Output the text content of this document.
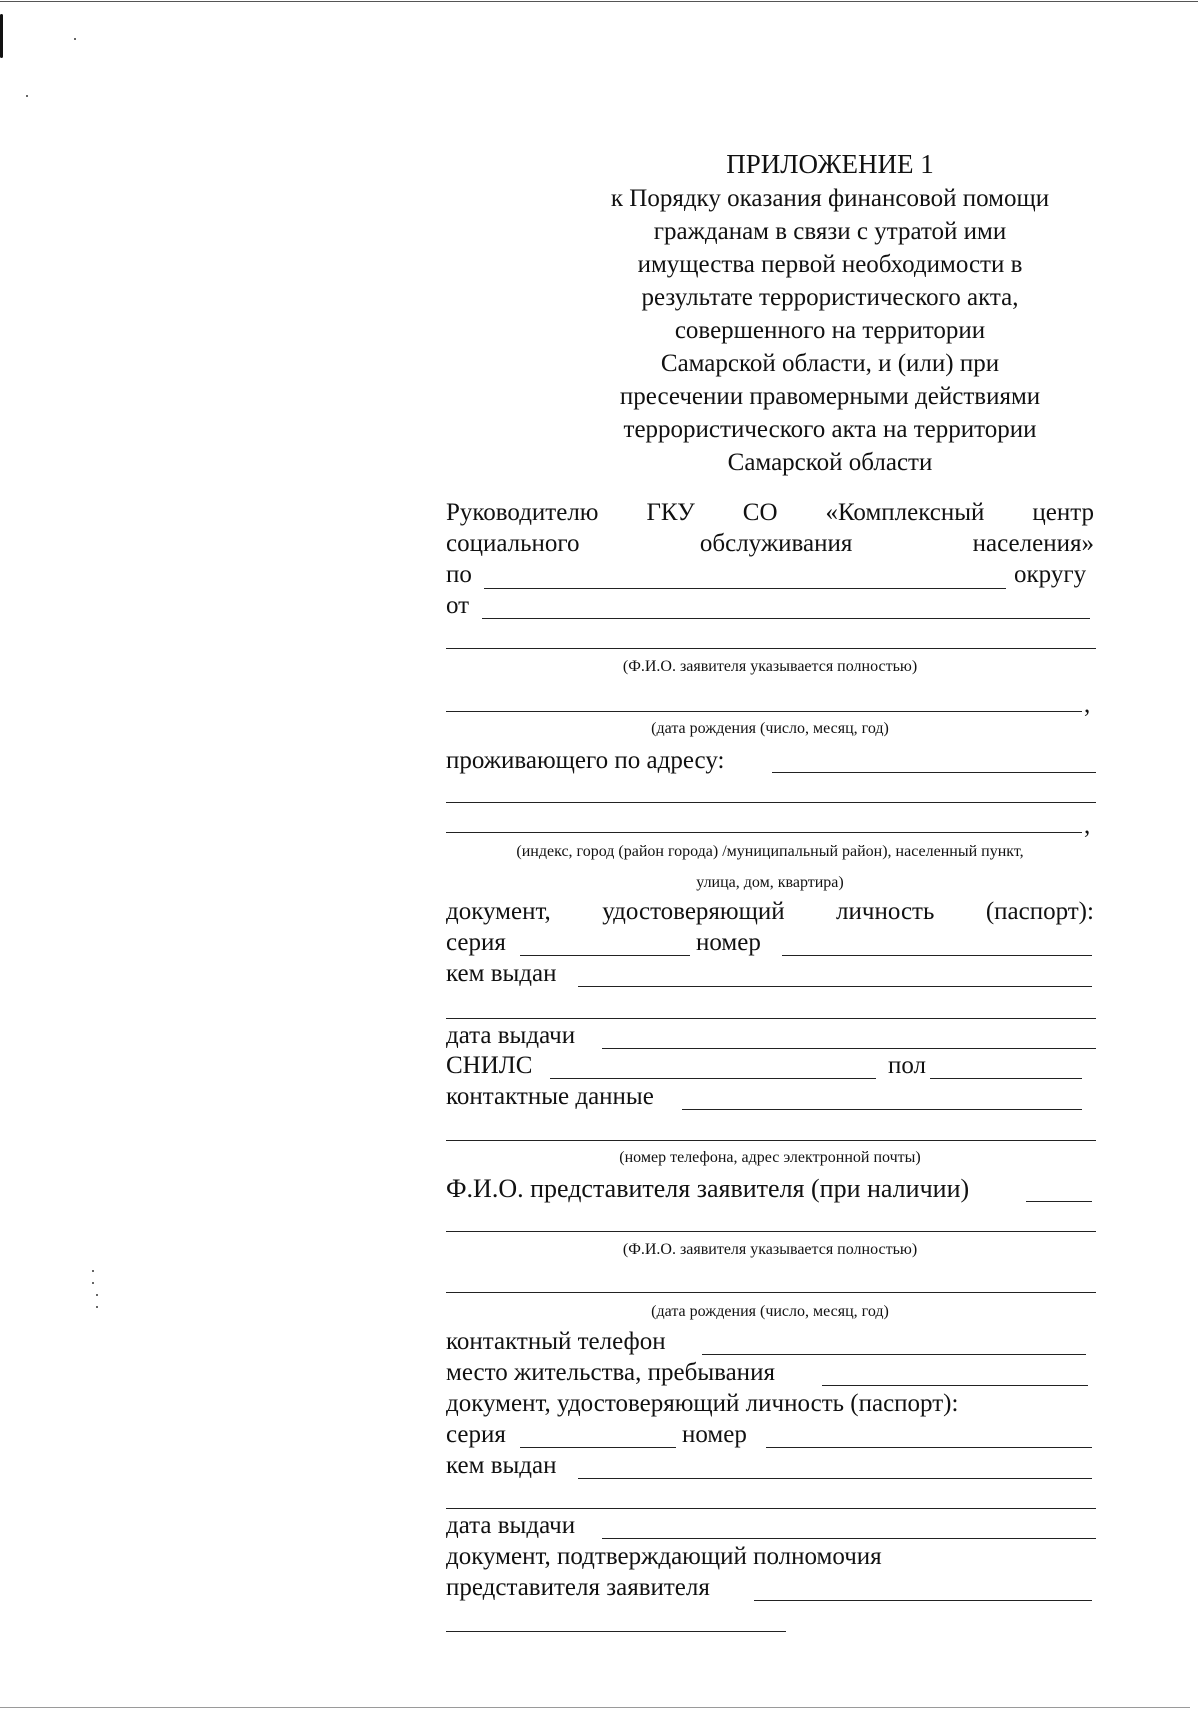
ПРИЛОЖЕНИЕ 1
к Порядку оказания финансовой помощи
гражданам в связи с утратой ими
имущества первой необходимости в
результате террористического акта,
совершенного на территории
Самарской области, и (или) при
пресечении правомерными действиями
террористического акта на территории
Самарской области
Руководителю ГКУ СО «Комплексный центр
социального	обслуживания	населения»
по	округу
от
(Ф.И.О. заявителя указывается полностью)
,
(дата рождения (число, месяц, год)
проживающего по адресу:
,
(индекс, город (район города) /муниципальный район), населенный пункт,
улица, дом, квартира)
документ, удостоверяющий личность (паспорт):
серия	номер
кем выдан
дата выдачи
СНИЛС	пол
контактные данные
(номер телефона, адрес электронной почты)
Ф.И.О. представителя заявителя (при наличии)
(Ф.И.О. заявителя указывается полностью)
(дата рождения (число, месяц, год)
контактный телефон
место жительства, пребывания
документ, удостоверяющий личность (паспорт):
серия	номер
кем выдан
дата выдачи
документ, подтверждающий полномочия
представителя заявителя
